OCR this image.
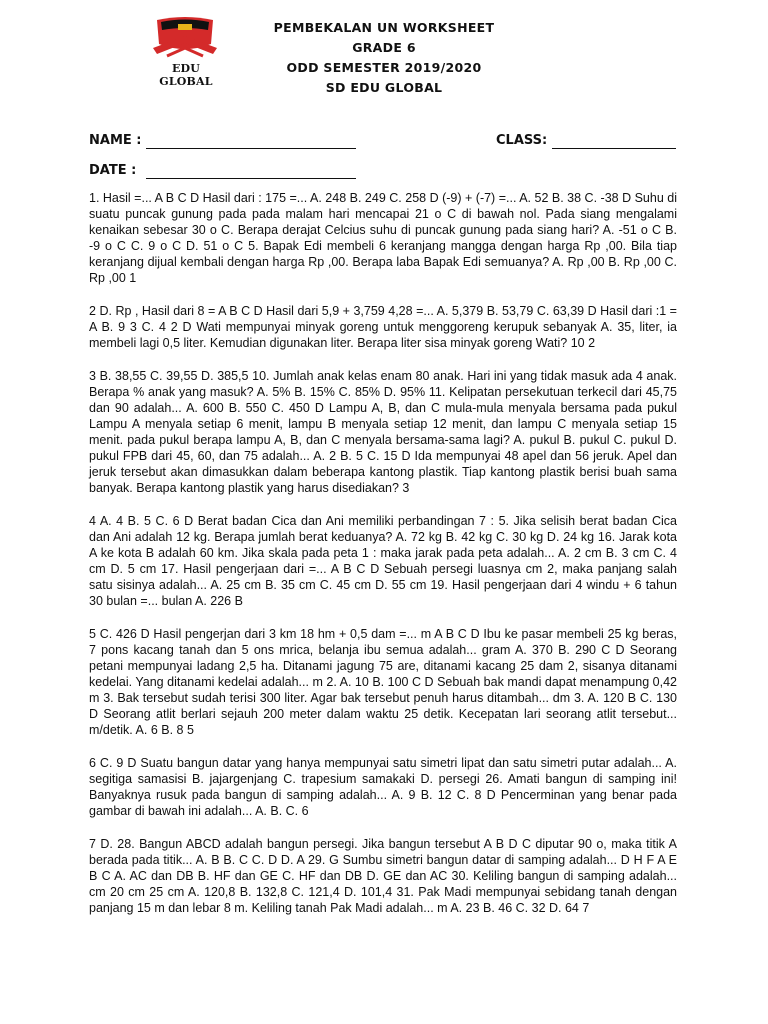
EDU GLOBAL
PEMBEKALAN UN WORKSHEET
GRADE 6
ODD SEMESTER 2019/2020
SD EDU GLOBAL
NAME :	CLASS:
DATE :

1. Hasil =... A B C D Hasil dari : 175 =... A. 248 B. 249 C. 258 D (-9) + (-7) =... A. 52 B. 38 C. -38 D Suhu di suatu puncak gunung pada pada malam hari mencapai 21 o C di bawah nol. Pada siang mengalami kenaikan sebesar 30 o C. Berapa derajat Celcius suhu di puncak gunung pada siang hari? A. -51 o C B. -9 o C C. 9 o C D. 51 o C 5. Bapak Edi membeli 6 keranjang mangga dengan harga Rp ,00. Bila tiap keranjang dijual kembali dengan harga Rp ,00. Berapa laba Bapak Edi semuanya? A. Rp ,00 B. Rp ,00 C. Rp ,00 1

2 D. Rp , Hasil dari 8 = A B C D Hasil dari 5,9 + 3,759 4,28 =... A. 5,379 B. 53,79 C. 63,39 D Hasil dari :1 = A B. 9 3 C. 4 2 D Wati mempunyai minyak goreng untuk menggoreng kerupuk sebanyak A. 35, liter, ia membeli lagi 0,5 liter. Kemudian digunakan liter. Berapa liter sisa minyak goreng Wati? 10 2

3 B. 38,55 C. 39,55 D. 385,5 10. Jumlah anak kelas enam 80 anak. Hari ini yang tidak masuk ada 4 anak. Berapa % anak yang masuk? A. 5% B. 15% C. 85% D. 95% 11. Kelipatan persekutuan terkecil dari 45,75 dan 90 adalah... A. 600 B. 550 C. 450 D Lampu A, B, dan C mula-mula menyala bersama pada pukul Lampu A menyala setiap 6 menit, lampu B menyala setiap 12 menit, dan lampu C menyala setiap 15 menit. pada pukul berapa lampu A, B, dan C menyala bersama-sama lagi? A. pukul B. pukul C. pukul D. pukul FPB dari 45, 60, dan 75 adalah... A. 2 B. 5 C. 15 D Ida mempunyai 48 apel dan 56 jeruk. Apel dan jeruk tersebut akan dimasukkan dalam beberapa kantong plastik. Tiap kantong plastik berisi buah sama banyak. Berapa kantong plastik yang harus disediakan? 3

4 A. 4 B. 5 C. 6 D Berat badan Cica dan Ani memiliki perbandingan 7 : 5. Jika selisih berat badan Cica dan Ani adalah 12 kg. Berapa jumlah berat keduanya? A. 72 kg B. 42 kg C. 30 kg D. 24 kg 16. Jarak kota A ke kota B adalah 60 km. Jika skala pada peta 1 : maka jarak pada peta adalah... A. 2 cm B. 3 cm C. 4 cm D. 5 cm 17. Hasil pengerjaan dari =... A B C D Sebuah persegi luasnya cm 2, maka panjang salah satu sisinya adalah... A. 25 cm B. 35 cm C. 45 cm D. 55 cm 19. Hasil pengerjaan dari 4 windu + 6 tahun 30 bulan =... bulan A. 226 B

5 C. 426 D Hasil pengerjan dari 3 km 18 hm + 0,5 dam =... m A B C D Ibu ke pasar membeli 25 kg beras, 7 pons kacang tanah dan 5 ons mrica, belanja ibu semua adalah... gram A. 370 B. 290 C D Seorang petani mempunyai ladang 2,5 ha. Ditanami jagung 75 are, ditanami kacang 25 dam 2, sisanya ditanami kedelai. Yang ditanami kedelai adalah... m 2. A. 10 B. 100 C D Sebuah bak mandi dapat menampung 0,42 m 3. Bak tersebut sudah terisi 300 liter. Agar bak tersebut penuh harus ditambah... dm 3. A. 120 B C. 130 D Seorang atlit berlari sejauh 200 meter dalam waktu 25 detik. Kecepatan lari seorang atlit tersebut... m/detik. A. 6 B. 8 5

6 C. 9 D Suatu bangun datar yang hanya mempunyai satu simetri lipat dan satu simetri putar adalah... A. segitiga samasisi B. jajargenjang C. trapesium samakaki D. persegi 26. Amati bangun di samping ini! Banyaknya rusuk pada bangun di samping adalah... A. 9 B. 12 C. 8 D Pencerminan yang benar pada gambar di bawah ini adalah... A. B. C. 6

7 D. 28. Bangun ABCD adalah bangun persegi. Jika bangun tersebut A B D C diputar 90 o, maka titik A berada pada titik... A. B B. C C. D D. A 29. G Sumbu simetri bangun datar di samping adalah... D H F A E B C A. AC dan DB B. HF dan GE C. HF dan DB D. GE dan AC 30. Keliling bangun di samping adalah... cm 20 cm 25 cm A. 120,8 B. 132,8 C. 121,4 D. 101,4 31. Pak Madi mempunyai sebidang tanah dengan panjang 15 m dan lebar 8 m. Keliling tanah Pak Madi adalah... m A. 23 B. 46 C. 32 D. 64 7
